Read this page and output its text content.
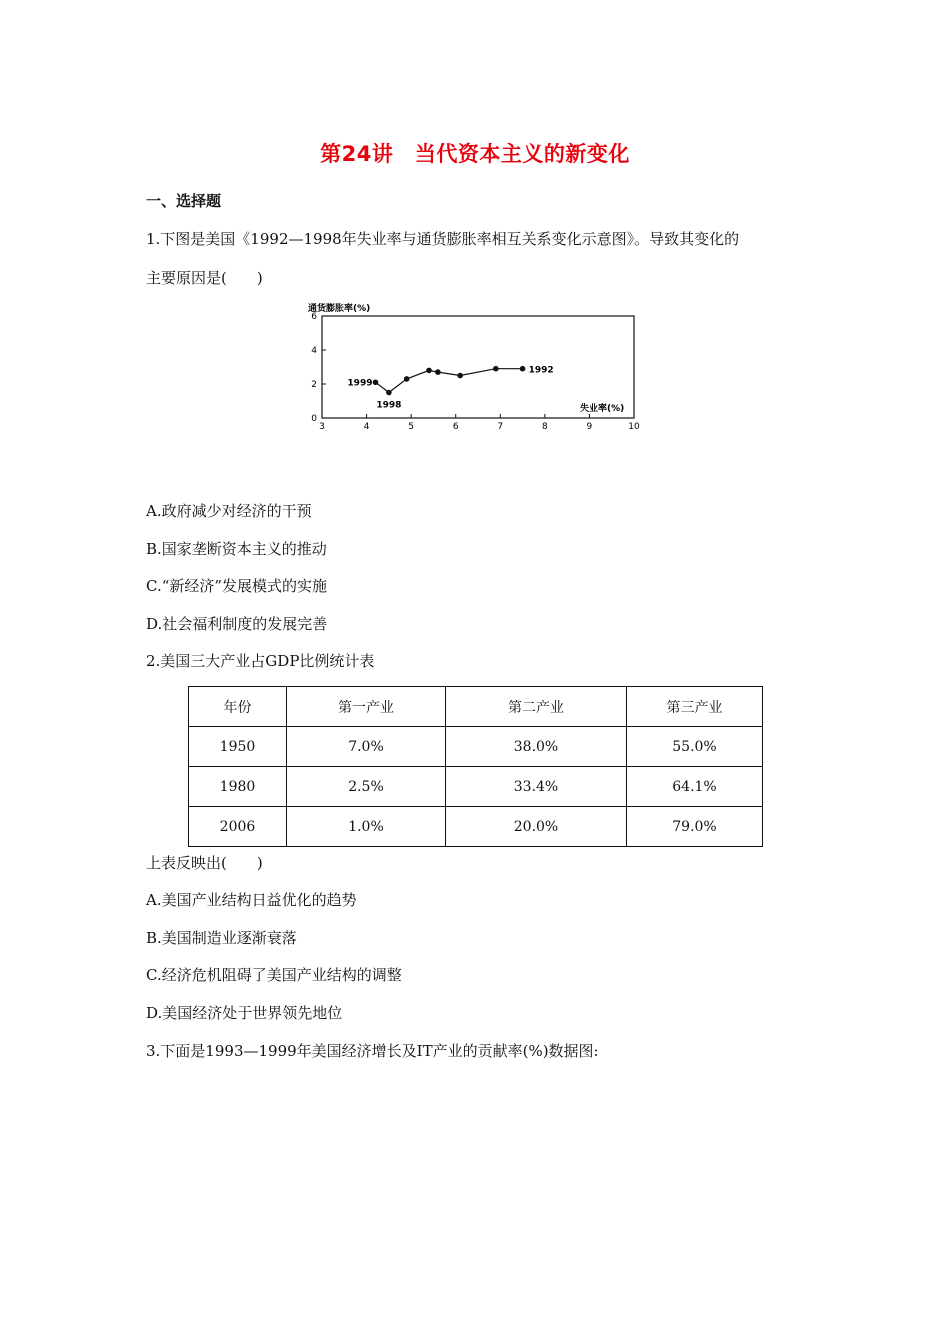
第24讲　当代资本主义的新变化
一、选择题
1.下图是美国《1992—1998年失业率与通货膨胀率相互关系变化示意图》。导致其变化的
主要原因是(　　)
通货膨胀率(%)
失业率(%)
3	4	5	6	7	8	9	10
0
2
4
6
1992
1998
1999
A.政府减少对经济的干预
B.国家垄断资本主义的推动
C.“新经济”发展模式的实施
D.社会福利制度的发展完善
2.美国三大产业占GDP比例统计表
年份	第一产业	第二产业	第三产业
1950	7.0%	38.0%	55.0%
1980	2.5%	33.4%	64.1%
2006	1.0%	20.0%	79.0%
上表反映出(　　)
A.美国产业结构日益优化的趋势
B.美国制造业逐渐衰落
C.经济危机阻碍了美国产业结构的调整
D.美国经济处于世界领先地位
3.下面是1993—1999年美国经济增长及IT产业的贡献率(%)数据图:
